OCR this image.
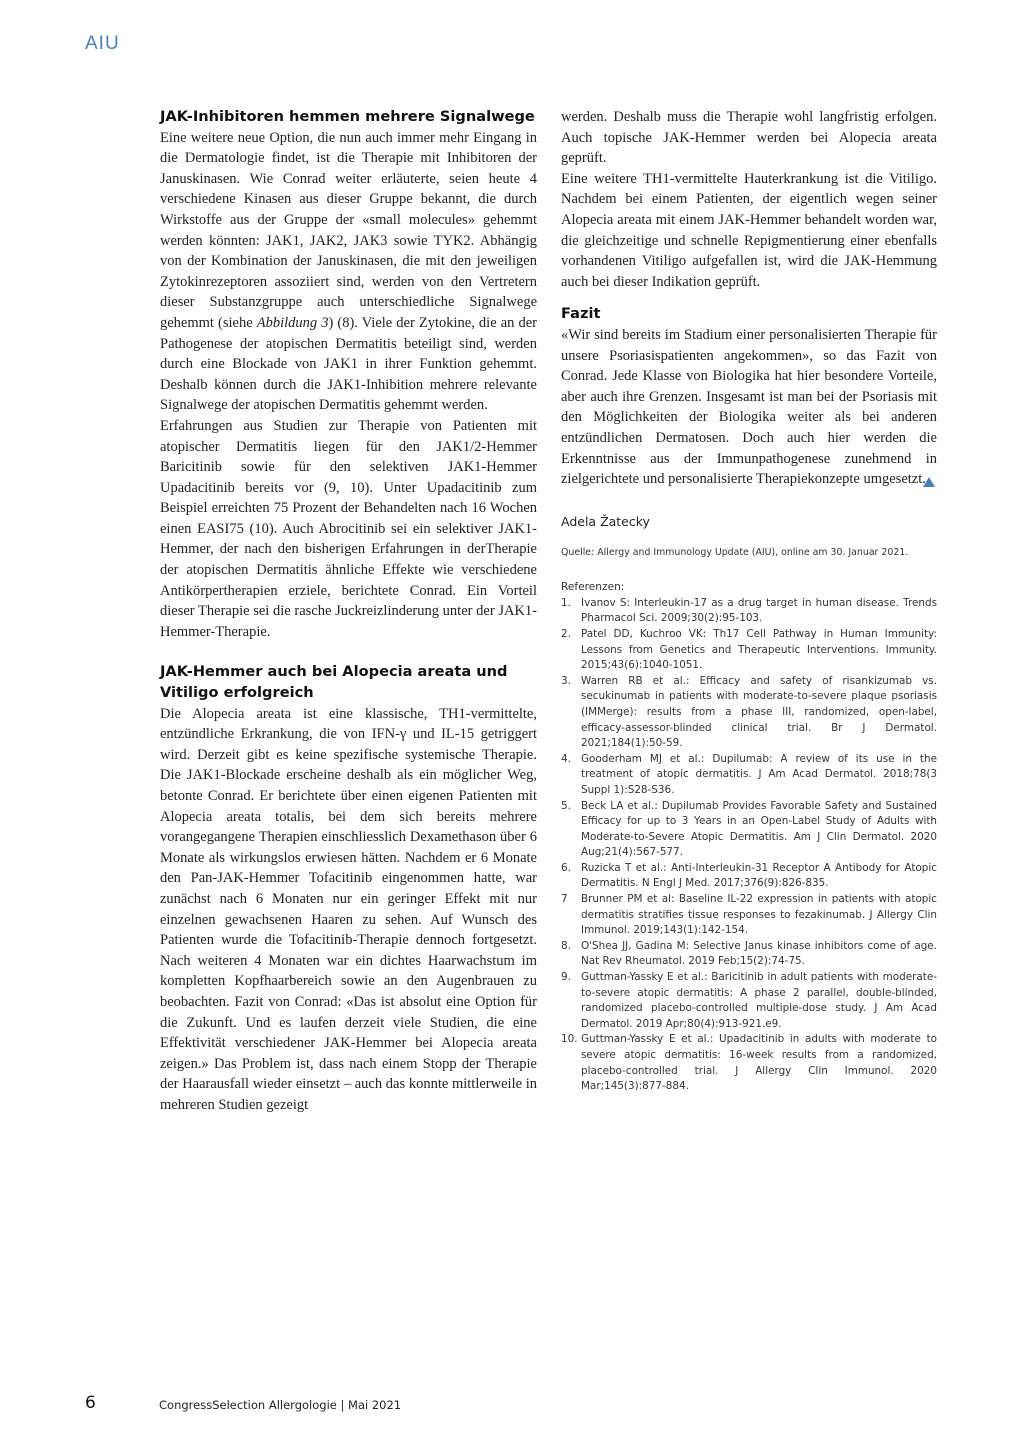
AIU
JAK-Inhibitoren hemmen mehrere Signalwege

Eine weitere neue Option, die nun auch immer mehr Eingang in die Dermatologie findet, ist die Therapie mit Inhibitoren der Januskinasen. Wie Conrad weiter erläuterte, seien heute 4 verschiedene Kinasen aus dieser Gruppe bekannt, die durch Wirkstoffe aus der Gruppe der «small molecules» gehemmt werden könnten: JAK1, JAK2, JAK3 sowie TYK2. Abhängig von der Kombination der Januskinasen, die mit den jeweiligen Zytokinrezeptoren assoziiert sind, werden von den Vertretern dieser Substanzgruppe auch unterschiedliche Signalwege gehemmt (siehe Abbildung 3) (8). Viele der Zytokine, die an der Pathogenese der atopischen Dermatitis beteiligt sind, werden durch eine Blockade von JAK1 in ihrer Funktion gehemmt. Deshalb können durch die JAK1-Inhibition mehrere relevante Signalwege der atopischen Dermatitis gehemmt werden.

Erfahrungen aus Studien zur Therapie von Patienten mit atopischer Dermatitis liegen für den JAK1/2-Hemmer Baricitinib sowie für den selektiven JAK1-Hemmer Upadacitinib bereits vor (9, 10). Unter Upadacitinib zum Beispiel erreichten 75 Prozent der Behandelten nach 16 Wochen einen EASI75 (10). Auch Abrocitinib sei ein selektiver JAK1-Hemmer, der nach den bisherigen Erfahrungen in derTherapie der atopischen Dermatitis ähnliche Effekte wie verschiedene Antikörpertherapien erziele, berichtete Conrad. Ein Vorteil dieser Therapie sei die rasche Juckreizlinderung unter der JAK1-Hemmer-Therapie.

JAK-Hemmer auch bei Alopecia areata und Vitiligo erfolgreich

Die Alopecia areata ist eine klassische, TH1-vermittelte, entzündliche Erkrankung, die von IFN-γ und IL-15 getriggert wird. Derzeit gibt es keine spezifische systemische Therapie. Die JAK1-Blockade erscheine deshalb als ein möglicher Weg, betonte Conrad. Er berichtete über einen eigenen Patienten mit Alopecia areata totalis, bei dem sich bereits mehrere vorangegangene Therapien einschliesslich Dexamethason über 6 Monate als wirkungslos erwiesen hätten. Nachdem er 6 Monate den Pan-JAK-Hemmer Tofacitinib eingenommen hatte, war zunächst nach 6 Monaten nur ein geringer Effekt mit nur einzelnen gewachsenen Haaren zu sehen. Auf Wunsch des Patienten wurde die Tofacitinib-Therapie dennoch fortgesetzt. Nach weiteren 4 Monaten war ein dichtes Haarwachstum im kompletten Kopfhaarbereich sowie an den Augenbrauen zu beobachten. Fazit von Conrad: «Das ist absolut eine Option für die Zukunft. Und es laufen derzeit viele Studien, die eine Effektivität verschiedener JAK-Hemmer bei Alopecia areata zeigen.» Das Problem ist, dass nach einem Stopp der Therapie der Haarausfall wieder einsetzt – auch das konnte mittlerweile in mehreren Studien gezeigt

werden. Deshalb muss die Therapie wohl langfristig erfolgen. Auch topische JAK-Hemmer werden bei Alopecia areata geprüft.

Eine weitere TH1-vermittelte Hauterkrankung ist die Vitiligo. Nachdem bei einem Patienten, der eigentlich wegen seiner Alopecia areata mit einem JAK-Hemmer behandelt worden war, die gleichzeitige und schnelle Repigmentierung einer ebenfalls vorhandenen Vitiligo aufgefallen ist, wird die JAK-Hemmung auch bei dieser Indikation geprüft.

Fazit

«Wir sind bereits im Stadium einer personalisierten Therapie für unsere Psoriasispatienten angekommen», so das Fazit von Conrad. Jede Klasse von Biologika hat hier besondere Vorteile, aber auch ihre Grenzen. Insgesamt ist man bei der Psoriasis mit den Möglichkeiten der Biologika weiter als bei anderen entzündlichen Dermatosen. Doch auch hier werden die Erkenntnisse aus der Immunpathogenese zunehmend in zielgerichtete und personalisierte Therapiekonzepte umgesetzt.

Adela Žatecky

Quelle: Allergy and Immunology Update (AIU), online am 30. Januar 2021.

Referenzen:

1. Ivanov S: Interleukin-17 as a drug target in human disease. Trends Pharmacol Sci. 2009;30(2):95-103.
2. Patel DD, Kuchroo VK: Th17 Cell Pathway in Human Immunity: Lessons from Genetics and Therapeutic Interventions. Immunity. 2015;43(6):1040-1051.
3. Warren RB et al.: Efficacy and safety of risankizumab vs. secukinumab in patients with moderate-to-severe plaque psoriasis (IMMerge): results from a phase III, randomized, open-label, efficacy-assessor-blinded clinical trial. Br J Dermatol. 2021;184(1):50-59.
4. Gooderham MJ et al.: Dupilumab: A review of its use in the treatment of atopic dermatitis. J Am Acad Dermatol. 2018;78(3 Suppl 1):S28-S36.
5. Beck LA et al.: Dupilumab Provides Favorable Safety and Sustained Efficacy for up to 3 Years in an Open-Label Study of Adults with Moderate-to-Severe Atopic Dermatitis. Am J Clin Dermatol. 2020 Aug;21(4):567-577.
6. Ruzicka T et al.: Anti-Interleukin-31 Receptor A Antibody for Atopic Dermatitis. N Engl J Med. 2017;376(9):826-835.
7	Brunner PM et al: Baseline IL-22 expression in patients with atopic dermatitis stratifies tissue responses to fezakinumab. J Allergy Clin Immunol. 2019;143(1):142-154.
8. O'Shea JJ, Gadina M: Selective Janus kinase inhibitors come of age. Nat Rev Rheumatol. 2019 Feb;15(2):74-75.
9. Guttman-Yassky E et al.: Baricitinib in adult patients with moderate-to-severe atopic dermatitis: A phase 2 parallel, double-blinded, randomized placebo-controlled multiple-dose study. J Am Acad Dermatol. 2019 Apr;80(4):913-921.e9.
10. Guttman-Yassky E et al.: Upadacitinib in adults with moderate to severe atopic dermatitis: 16-week results from a randomized, placebo-controlled trial. J Allergy Clin Immunol. 2020 Mar;145(3):877-884.
6	CongressSelection Allergologie | Mai 2021
